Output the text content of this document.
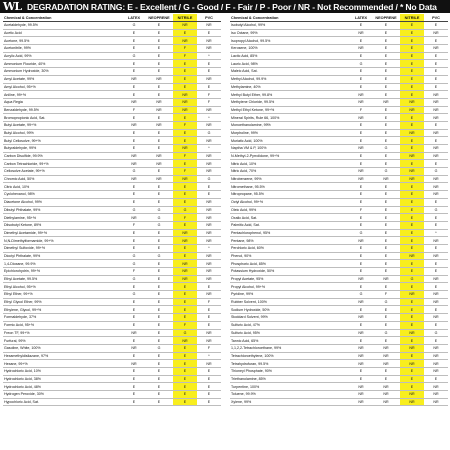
WL DEGRADATION RATING: E - Excellent / G - Good / F - Fair / P - Poor / NR - Not Recommended / * No Data
Chemical & Concentration	LATEX	NEOPRENE	NITRILE	PVC
Acetaldehyde, 99.5%	G	E	NR	NR
Acetic Acid	E	E	E	E
Acetone, 99.5%	E	E	NR	NR
Acetonitrile, 99%	E	E	F	NR
Acrylic Acid, 99%	G	E	F	*
Ammonium Flouride, 40%	E	E	E	E
Ammonium Hydroxide, 30%	E	E	E	E
Amyl Acetate, 99%	NR	NR	E	NR
Amyl Alcohol, 95+%	E	E	E	E
Aniline, 99+%	E	E	NR	F
Aqua Regia	NR	NR	NR	F
Benzaldehyde, 99.5%	F	NR	NR	NR
Bromopropionic Acid, Sat.	E	E	E	*
Butyl Acetate, 99+%	NR	NR	F	NR
Butyl Alcohol, 99%	E	E	E	G
Butyl Cellosolve, 99+%	E	E	E	NR
Butyraldehyde, 99%	E	E	NR	*
Carbon Disulfide, 99.9%	NR	NR	F	NR
Carbon Tetrachloride, 99+%	NR	NR	E	NR
Cellosolve Acetate, 99+%	G	E	F	NR
Chromic Acid, 50%	NR	NR	NR	G
Citric Acid, 10%	E	E	E	E
Cyclohexanol, 98%	E	E	E	E
Diacetone Alcohol, 99%	E	E	E	NR
Dibutyl Phthalate, 99%	G	G	G	NR
Diethylamine, 95+%	NR	G	F	NR
Diisobutyl Ketone, 89%	F	G	E	NR
Dimethyl Acetamide, 99+%	E	E	NR	NR
N,N-Dimethylformamide, 99+%	E	E	NR	NR
Dimethyl Sulfoxide, 99+%	E	E	E	*
Dioctyl Phthalate, 99%	G	G	E	NR
1,4-Dioxane, 99.9%	G	E	NR	NR
Epichlorohydrin, 99+%	F	E	NR	NR
Ethyl Acetate, 99.5%	G	E	NR	NR
Ethyl Alcohol, 95+%	E	E	E	E
Ethyl Ether, 99+%	G	E	E	NR
Ethyl Glycol Ether, 99%	E	E	E	F
Ethylene, Glycol, 99+%	E	E	E	E
Formaldehyde, 37%	E	E	E	E
Formic Acid, 95+%	E	E	F	E
Freon TF, 99+%	NR	E	G	NR
Furfural, 99%	E	E	NR	NR
Gasoline, White, 100%	NR	G	E	F
Hexamethyldisilazane, 97%	E	E	E	*
Hexane, 99+%	NR	E	E	NR
Hydrochloric Acid, 10%	E	E	E	E
Hydrochloric Acid, 38%	E	E	E	E
Hydrochloric Acid, 48%	E	E	E	E
Hydrogen Peroxide, 30%	E	E	E	E
Hypochloric Acid, Sat.	E	E	E	E
Chemical & Concentration	LATEX	NEOPRENE	NITRILE	PVC
Isobutyl Alcohol, 99%	E	E	E	E
Iso Octane, 99%	NR	E	E	NR
Isopropyl Alcohol, 99.5%	E	E	E	E
Kerosene, 100%	NR	E	E	NR
Lactic Acid, 85%	E	E	E	E
Lauric Acid, 98%	G	E	E	E
Maleic Acid, Sat.	E	E	E	E
Methyl Alcohol, 99.9%	E	E	E	E
Methylamine, 40%	E	E	E	E
Methyl Butyl Ether, 99.8%	NR	E	E	NR
Methylene Chloride, 99.5%	NR	NR	NR	NR
Methyl Ethyl Ketone, 99+%	F	E	NR	NR
Mineral Spirits, Rule 66, 100%	NR	E	E	NR
Monoethanolamine, 99%	E	E	E	E
Morpholine, 99%	E	E	NR	NR
Muriatic Acid, 100%	E	E	E	E
Naptha VM & P, 100%	NR	G	E	NR
N-Methyl-2-Pyrrolidone, 99+%	E	E	NR	NR
Nitric Acid, 10%	E	E	E	E
Nitric Acid, 70%	NR	G	NR	G
Nitrobenzene, 99%	NR	NR	NR	NR
Nitromethane, 95.5%	E	E	E	NR
Nitropropane, 95.5%	E	E	E	NR
Octyl Alcohol, 99+%	E	E	E	E
Oleic Acid, 99%	F	E	E	G
Oxalic Acid, Sat.	E	E	E	E
Palmitic Acid, Sat.	E	E	E	E
Pentachlorophenol, 95%	G	E	E	*
Pentane, 98%	NR	E	E	NR
Perchloric Acid, 60%	E	E	E	E
Phenol, 90%	E	E	NR	NR
Phosphoric Acid, 85%	E	E	E	E
Potassium Hydroxide, 50%	E	E	E	E
Propyl Acetate, 95%	NR	NR	G	NR
Propyl Alcohol, 99+%	E	E	E	E
Pyridine, 99%	G	F	NR	NR
Rubber Solvent, 100%	NR	G	E	NR
Sodium Hydroxide, 50%	E	E	E	E
Stoddard Solvent, 99%	NR	E	E	NR
Sulfuric Acid, 47%	E	E	E	E
Sulfuric Acid, 95%	NR	G	NR	G
Tannic Acid, 65%	E	E	E	E
1,1,2,2-Tetrachloroethane, 99%	NR	NR	NR	NR
Tetrachloroethylene, 100%	NR	NR	E	NR
Tetrahydrofuran, 99.5%	NR	NR	NR	NR
Thioneyl Phosphate, 90%	E	E	E	NR
Triethanolamine, 85%	E	E	E	E
Turpentine, 100%	NR	NR	E	NR
Toluene, 99.9%	NR	NR	NR	NR
Xylene, 99%	NR	NR	NR	NR
